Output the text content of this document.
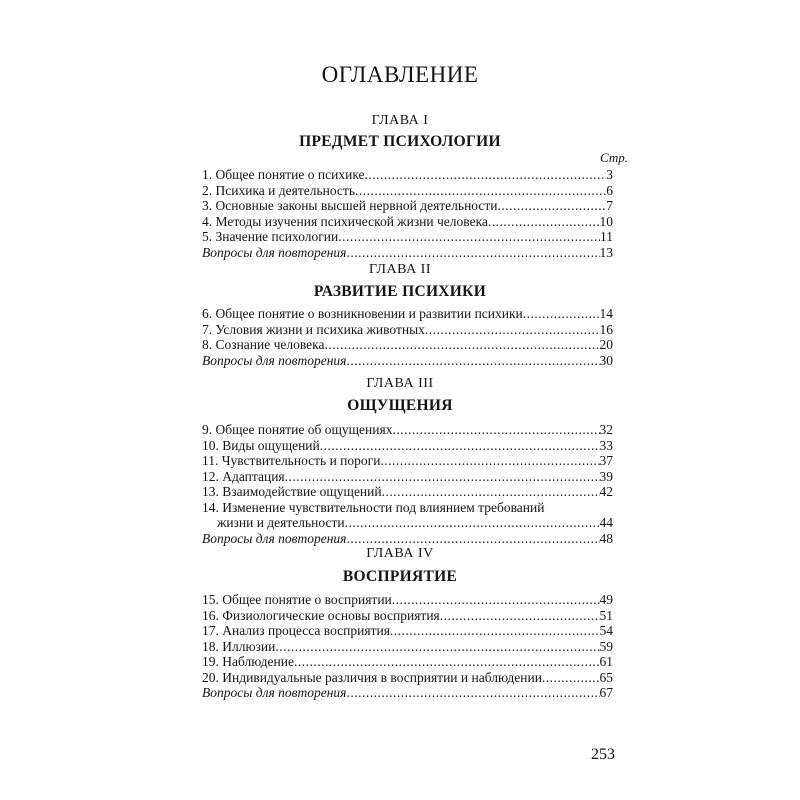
ОГЛАВЛЕНИЕ
ГЛАВА I
ПРЕДМЕТ ПСИХОЛОГИИ
Стр.
1. Общее понятие о психике .....	3
2. Психика и деятельность .....	6
3. Основные законы высшей нервной деятельности .....	7
4. Методы изучения психической жизни человека .....	10
5. Значение психологии .....	11
Вопросы для повторения .....	13
ГЛАВА II
РАЗВИТИЕ ПСИХИКИ
6. Общее понятие о возникновении и развитии психики .....	14
7. Условия жизни и психика животных .....	16
8. Сознание человека .....	20
Вопросы для повторения .....	30
ГЛАВА III
ОЩУЩЕНИЯ
9. Общее понятие об ощущениях .....	32
10. Виды ощущений .....	33
11. Чувствительность и пороги .....	37
12. Адаптация .....	39
13. Взаимодействие ощущений .....	42
14. Изменение чувствительности под влиянием требований
жизни и деятельности .....	44
Вопросы для повторения .....	48
ГЛАВА IV
ВОСПРИЯТИЕ
15. Общее понятие о восприятии .....	49
16. Физиологические основы восприятия .....	51
17. Анализ процесса восприятия .....	54
18. Иллюзии .....	59
19. Наблюдение .....	61
20. Индивидуальные различия в восприятии и наблюдении .....	65
Вопросы для повторения .....	67
253
